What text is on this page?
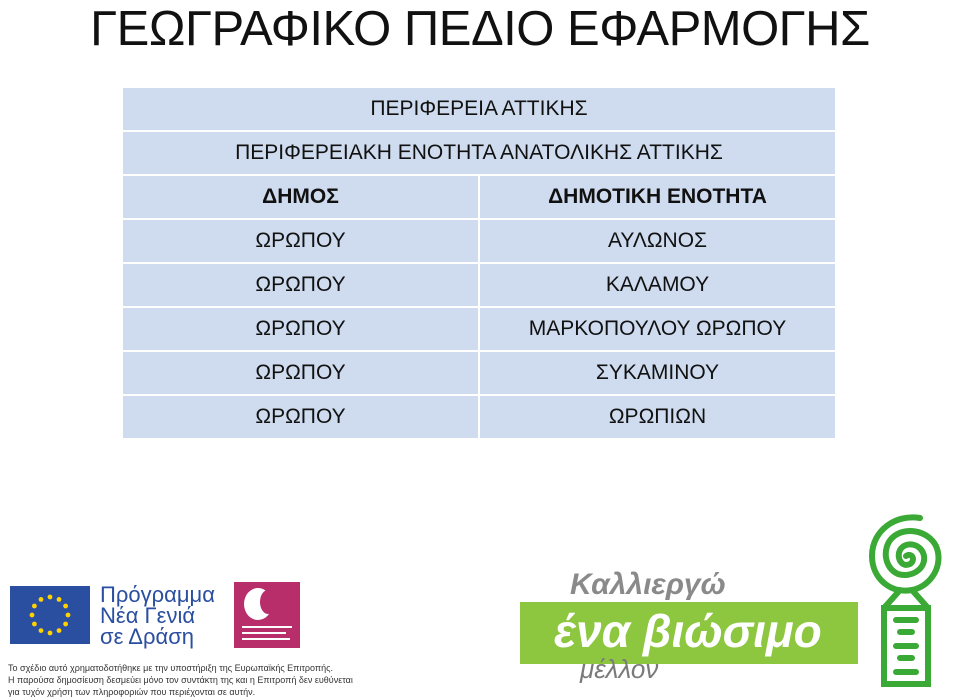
ΓΕΩΓΡΑΦΙΚΟ ΠΕΔΙΟ ΕΦΑΡΜΟΓΗΣ
ΠΕΡΙΦΕΡΕΙΑ ΑΤΤΙΚΗΣ	
ΠΕΡΙΦΕΡΕΙΑΚΗ ΕΝΟΤΗΤΑ ΑΝΑΤΟΛΙΚΗΣ ΑΤΤΙΚΗΣ	
ΔΗΜΟΣ	ΔΗΜΟΤΙΚΗ ΕΝΟΤΗΤΑ
ΩΡΩΠΟΥ	ΑΥΛΩΝΟΣ
ΩΡΩΠΟΥ	ΚΑΛΑΜΟΥ
ΩΡΩΠΟΥ	ΜΑΡΚΟΠΟΥΛΟΥ ΩΡΩΠΟΥ
ΩΡΩΠΟΥ	ΣΥΚΑΜΙΝΟΥ
ΩΡΩΠΟΥ	ΩΡΩΠΙΩΝ
Πρόγραμμα
Νέα Γενιά
σε Δράση
Καλλιεργώ
ένα βιώσιμο
μέλλον
Το σχέδιο αυτό χρηματοδοτήθηκε με την υποστήριξη της Ευρωπαϊκής Επιτροπής.
Η παρούσα δημοσίευση δεσμεύει μόνο τον συντάκτη της και η Επιτροπή δεν ευθύνεται
για τυχόν χρήση των πληροφοριών που περιέχονται σε αυτήν.
